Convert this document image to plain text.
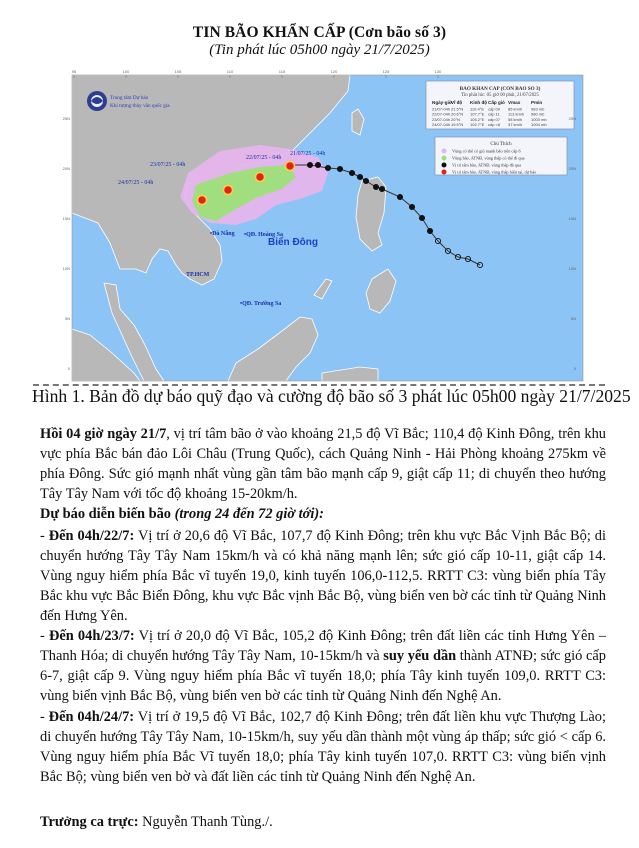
TIN BÃO KHẨN CẤP (Cơn bão số 3)
(Tin phát lúc 05h00 ngày 21/7/2025)
21/07/25 - 04h
22/07/25 - 04h
23/07/25 - 04h
24/07/25 - 04h
•Đà Nẵng •QĐ. Hoàng Sa
TP.HCM
•QĐ. Trường Sa
Biển Đông
Trung tâm Dự báo
Khí tượng thủy văn quốc gia
BAO KHAN CAP (CON BAO SO 3)
Tin phát lúc: 05 giờ 00 phút, 21/07/2025
Ngày-giờ
Vĩ độ Kinh độ Cấp gió Vmax Pmin
21/07-04h 21.5°N 110.4°E cấp 09 85 km/h 983 mb
22/07-04h 20.6°N 107.7°E cấp 11 113 km/h 980 mb
23/07-04h 20°N	105.2°E cấp 07 58 km/h 1003 mb
24/07-04h 19.5°N 102.7°E cấp <6 37 km/h 1004 mb
Chú Thích
Vùng có thể có gió mạnh bão trên cấp 6
Vùng bão, ATNĐ, vùng thấp có thể đi qua
Vị trí tâm bão, ATNĐ, vùng thấp đã qua
Vị trí tâm bão, ATNĐ, vùng thấp hiện tại, dự báo
95	100	105	110	115	120	125	130
25N	25N
20N	20N
15N	15N
10N	10N
5N	5N
0	0
Hình 1. Bản đồ dự báo quỹ đạo và cường độ bão số 3 phát lúc 05h00 ngày 21/7/2025
Hồi 04 giờ ngày 21/7, vị trí tâm bão ở vào khoảng 21,5 độ Vĩ Bắc; 110,4 độ Kinh Đông, trên khu vực phía Bắc bán đảo Lôi Châu (Trung Quốc), cách Quảng Ninh - Hải Phòng khoảng 275km về phía Đông. Sức gió mạnh nhất vùng gần tâm bão mạnh cấp 9, giật cấp 11; di chuyển theo hướng Tây Tây Nam với tốc độ khoảng 15-20km/h.
Dự báo diễn biến bão (trong 24 đến 72 giờ tới):
- Đến 04h/22/7: Vị trí ở 20,6 độ Vĩ Bắc, 107,7 độ Kinh Đông; trên khu vực Bắc Vịnh Bắc Bộ; di chuyển hướng Tây Tây Nam 15km/h và có khả năng mạnh lên; sức gió cấp 10-11, giật cấp 14. Vùng nguy hiểm phía Bắc vĩ tuyến 19,0, kinh tuyến 106,0-112,5. RRTT C3: vùng biển phía Tây Bắc khu vực Bắc Biển Đông, khu vực Bắc vịnh Bắc Bộ, vùng biển ven bờ các tỉnh từ Quảng Ninh đến Hưng Yên.
- Đến 04h/23/7: Vị trí ở 20,0 độ Vĩ Bắc, 105,2 độ Kinh Đông; trên đất liền các tỉnh Hưng Yên – Thanh Hóa; di chuyển hướng Tây Tây Nam, 10-15km/h và suy yếu dần thành ATNĐ; sức gió cấp 6-7, giật cấp 9. Vùng nguy hiểm phía Bắc vĩ tuyến 18,0; phía Tây kinh tuyến 109,0. RRTT C3: vùng biển vịnh Bắc Bộ, vùng biển ven bờ các tỉnh từ Quảng Ninh đến Nghệ An.
- Đến 04h/24/7: Vị trí ở 19,5 độ Vĩ Bắc, 102,7 độ Kinh Đông; trên đất liền khu vực Thượng Lào; di chuyển hướng Tây Tây Nam, 10-15km/h, suy yếu dần thành một vùng áp thấp; sức gió < cấp 6. Vùng nguy hiểm phía Bắc Vĩ tuyến 18,0; phía Tây kinh tuyến 107,0. RRTT C3: vùng biển vịnh Bắc Bộ; vùng biển ven bờ và đất liền các tỉnh từ Quảng Ninh đến Nghệ An.
Trưởng ca trực: Nguyễn Thanh Tùng./.
